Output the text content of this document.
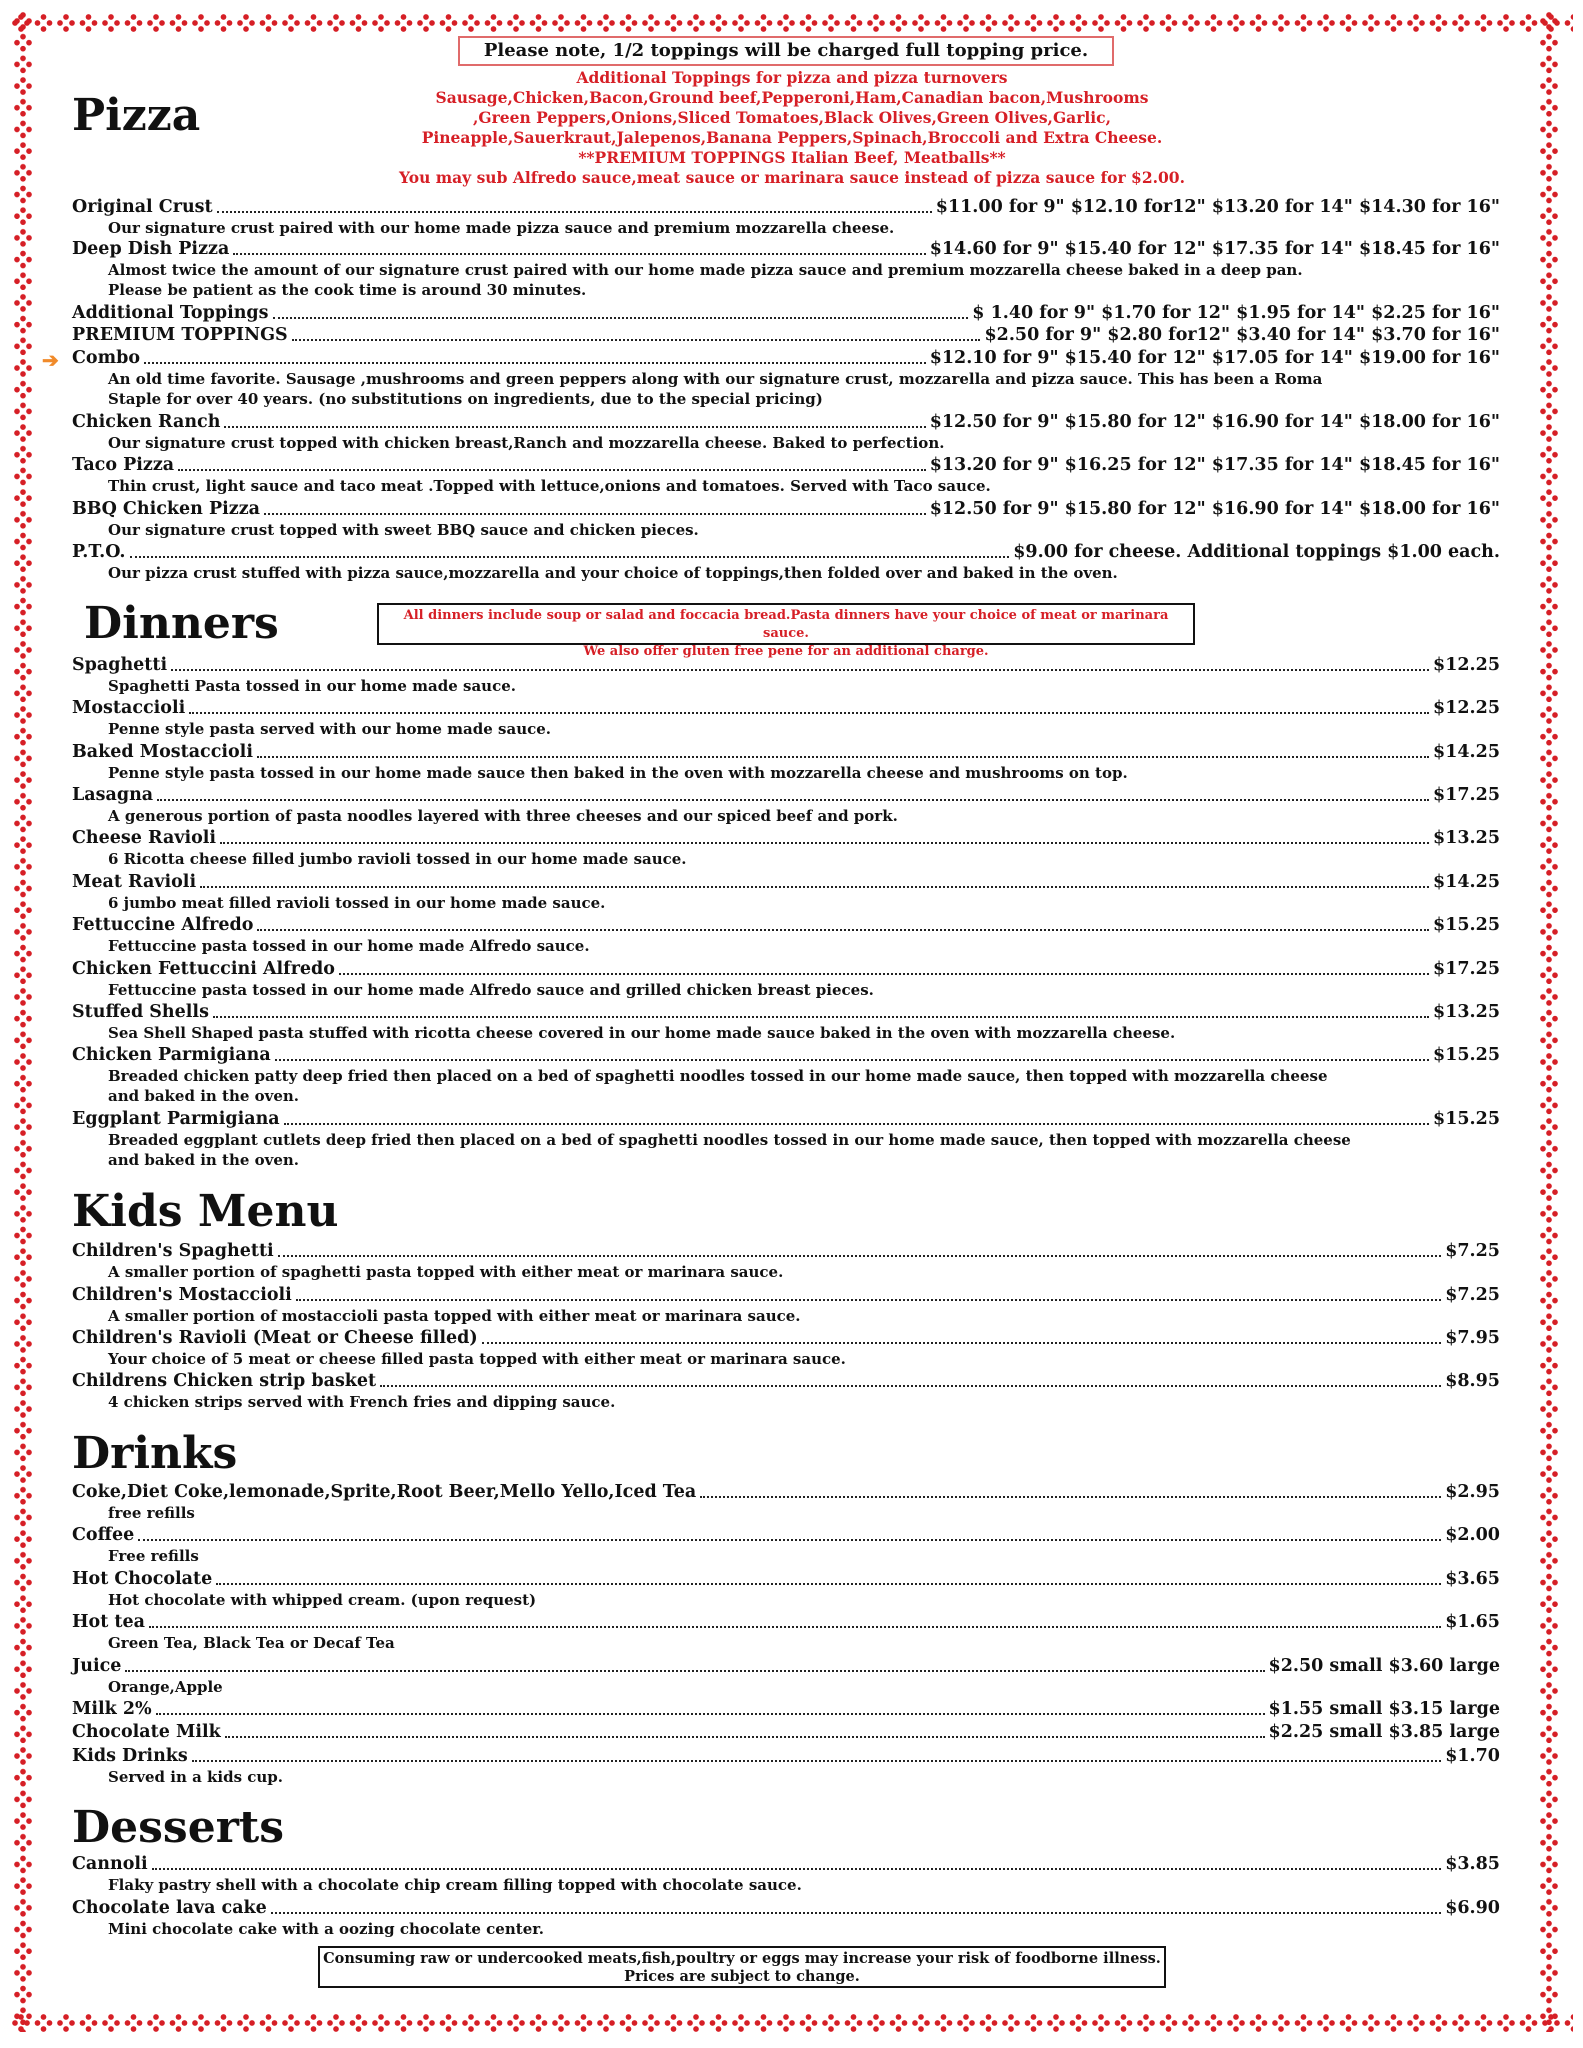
Please note, 1/2 toppings will be charged full topping price.
Pizza
Additional Toppings for pizza and pizza turnovers
Sausage,Chicken,Bacon,Ground beef,Pepperoni,Ham,Canadian bacon,Mushrooms
,Green Peppers,Onions,Sliced Tomatoes,Black Olives,Green Olives,Garlic,
Pineapple,Sauerkraut,Jalepenos,Banana Peppers,Spinach,Broccoli and Extra Cheese.
**PREMIUM TOPPINGS Italian Beef, Meatballs**
You may sub Alfredo sauce,meat sauce or marinara sauce instead of pizza sauce for $2.00.
➔
Original Crust	$11.00 for 9" $12.10 for12" $13.20 for 14" $14.30 for 16"
Our signature crust paired with our home made pizza sauce and premium mozzarella cheese.
Deep Dish Pizza	$14.60 for 9" $15.40 for 12" $17.35 for 14" $18.45 for 16"
Almost twice the amount of our signature crust paired with our home made pizza sauce and premium mozzarella cheese baked in a deep pan.
Please be patient as the cook time is around 30 minutes.
Additional Toppings	$ 1.40 for 9" $1.70 for 12" $1.95 for 14" $2.25 for 16"
PREMIUM TOPPINGS	$2.50 for 9" $2.80 for12" $3.40 for 14" $3.70 for 16"
Combo	$12.10 for 9" $15.40 for 12" $17.05 for 14" $19.00 for 16"
An old time favorite. Sausage ,mushrooms and green peppers along with our signature crust, mozzarella and pizza sauce. This has been a Roma
Staple for over 40 years. (no substitutions on ingredients, due to the special pricing)
Chicken Ranch	$12.50 for 9" $15.80 for 12" $16.90 for 14" $18.00 for 16"
Our signature crust topped with chicken breast,Ranch and mozzarella cheese. Baked to perfection.
Taco Pizza	$13.20 for 9" $16.25 for 12" $17.35 for 14" $18.45 for 16"
Thin crust, light sauce and taco meat .Topped with lettuce,onions and tomatoes. Served with Taco sauce.
BBQ Chicken Pizza	$12.50 for 9" $15.80 for 12" $16.90 for 14" $18.00 for 16"
Our signature crust topped with sweet BBQ sauce and chicken pieces.
P.T.O.	$9.00 for cheese. Additional toppings $1.00 each.
Our pizza crust stuffed with pizza sauce,mozzarella and your choice of toppings,then folded over and baked in the oven.
Dinners	All dinners include soup or salad and foccacia bread.Pasta dinners have your choice of meat or marinara sauce.
We also offer gluten free pene for an additional charge.
Spaghetti	$12.25
Spaghetti Pasta tossed in our home made sauce.
Mostaccioli	$12.25
Penne style pasta served with our home made sauce.
Baked Mostaccioli	$14.25
Penne style pasta tossed in our home made sauce then baked in the oven with mozzarella cheese and mushrooms on top.
Lasagna	$17.25
A generous portion of pasta noodles layered with three cheeses and our spiced beef and pork.
Cheese Ravioli	$13.25
6 Ricotta cheese filled jumbo ravioli tossed in our home made sauce.
Meat Ravioli	$14.25
6 jumbo meat filled ravioli tossed in our home made sauce.
Fettuccine Alfredo	$15.25
Fettuccine pasta tossed in our home made Alfredo sauce.
Chicken Fettuccini Alfredo	$17.25
Fettuccine pasta tossed in our home made Alfredo sauce and grilled chicken breast pieces.
Stuffed Shells	$13.25
Sea Shell Shaped pasta stuffed with ricotta cheese covered in our home made sauce baked in the oven with mozzarella cheese.
Chicken Parmigiana	$15.25
Breaded chicken patty deep fried then placed on a bed of spaghetti noodles tossed in our home made sauce, then topped with mozzarella cheese
and baked in the oven.
Eggplant Parmigiana	$15.25
Breaded eggplant cutlets deep fried then placed on a bed of spaghetti noodles tossed in our home made sauce, then topped with mozzarella cheese
and baked in the oven.
Kids Menu
Children's Spaghetti	$7.25
A smaller portion of spaghetti pasta topped with either meat or marinara sauce.
Children's Mostaccioli	$7.25
A smaller portion of mostaccioli pasta topped with either meat or marinara sauce.
Children's Ravioli (Meat or Cheese filled)	$7.95
Your choice of 5 meat or cheese filled pasta topped with either meat or marinara sauce.
Childrens Chicken strip basket	$8.95
4 chicken strips served with French fries and dipping sauce.
Drinks
Coke,Diet Coke,lemonade,Sprite,Root Beer,Mello Yello,Iced Tea	$2.95
free refills
Coffee	$2.00
Free refills
Hot Chocolate	$3.65
Hot chocolate with whipped cream. (upon request)
Hot tea	$1.65
Green Tea, Black Tea or Decaf Tea
Juice	$2.50 small $3.60 large
Orange,Apple
Milk 2%	$1.55 small $3.15 large
Chocolate Milk	$2.25 small $3.85 large
Kids Drinks	$1.70
Served in a kids cup.
Desserts
Cannoli	$3.85
Flaky pastry shell with a chocolate chip cream filling topped with chocolate sauce.
Chocolate lava cake	$6.90
Mini chocolate cake with a oozing chocolate center.
Consuming raw or undercooked meats,fish,poultry or eggs may increase your risk of foodborne illness.
Prices are subject to change.
